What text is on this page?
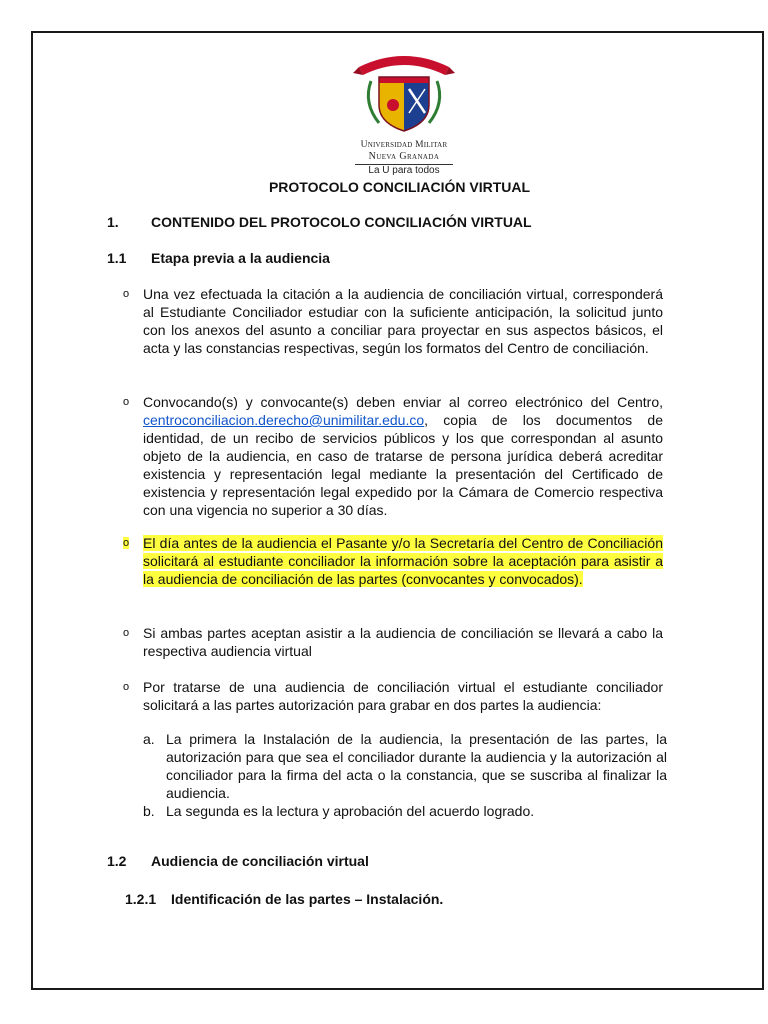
Universidad Militar
Nueva Granada
La U para todos
PROTOCOLO CONCILIACIÓN VIRTUAL
1. CONTENIDO DEL PROTOCOLO CONCILIACIÓN VIRTUAL
1.1 Etapa previa a la audiencia
o Una vez efectuada la citación a la audiencia de conciliación virtual, corresponderá al Estudiante Conciliador estudiar con la suficiente anticipación, la solicitud junto con los anexos del asunto a conciliar para proyectar en sus aspectos básicos, el acta y las constancias respectivas, según los formatos del Centro de conciliación.
o Convocando(s) y convocante(s) deben enviar al correo electrónico del Centro, centroconciliacion.derecho@unimilitar.edu.co, copia de los documentos de identidad, de un recibo de servicios públicos y los que correspondan al asunto objeto de la audiencia, en caso de tratarse de persona jurídica deberá acreditar existencia y representación legal mediante la presentación del Certificado de existencia y representación legal expedido por la Cámara de Comercio respectiva con una vigencia no superior a 30 días.
o El día antes de la audiencia el Pasante y/o la Secretaría del Centro de Conciliación solicitará al estudiante conciliador la información sobre la aceptación para asistir a la audiencia de conciliación de las partes (convocantes y convocados).
o Si ambas partes aceptan asistir a la audiencia de conciliación se llevará a cabo la respectiva audiencia virtual
o Por tratarse de una audiencia de conciliación virtual el estudiante conciliador solicitará a las partes autorización para grabar en dos partes la audiencia:
a. La primera la Instalación de la audiencia, la presentación de las partes, la autorización para que sea el conciliador durante la audiencia y la autorización al conciliador para la firma del acta o la constancia, que se suscriba al finalizar la audiencia.
b. La segunda es la lectura y aprobación del acuerdo logrado.
1.2 Audiencia de conciliación virtual
1.2.1 Identificación de las partes – Instalación.
